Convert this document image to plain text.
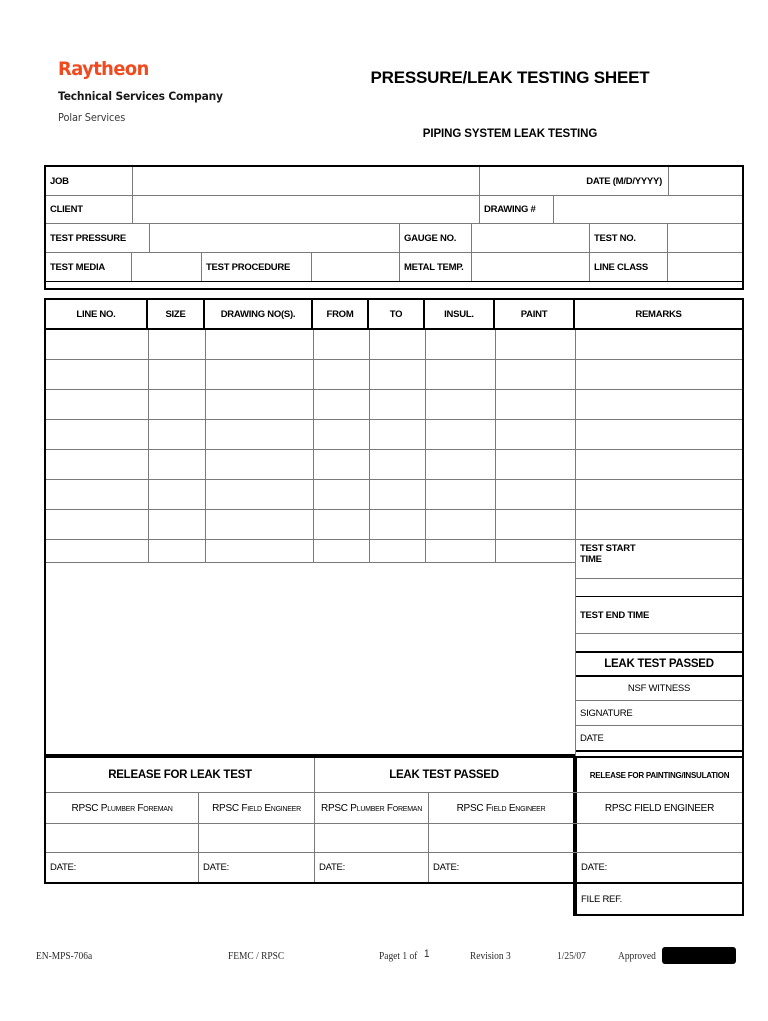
Raytheon
Technical Services Company
Polar Services
PRESSURE/LEAK TESTING SHEET
PIPING SYSTEM LEAK TESTING
JOB	DATE (M/D/YYYY)
CLIENT	DRAWING #
TEST PRESSURE	GAUGE NO.	TEST NO.
TEST MEDIA	TEST PROCEDURE	METAL TEMP.	LINE CLASS
LINE NO.	SIZE	DRAWING NO(S).	FROM	TO	INSUL.	PAINT	REMARKS
TEST START
TIME
TEST END TIME
LEAK TEST PASSED
NSF WITNESS
SIGNATURE
DATE
RELEASE FOR LEAK TEST	LEAK TEST PASSED	RELEASE FOR PAINTING/INSULATION
RPSC Plumber Foreman	RPSC Field Engineer	RPSC Plumber Foreman	RPSC Field Engineer	RPSC FIELD ENGINEER
DATE:	DATE:	DATE:	DATE:	DATE:
FILE REF.
EN-MPS-706a	FEMC / RPSC	Paget 1 of 1	Revision 3	1/25/07	Approved
